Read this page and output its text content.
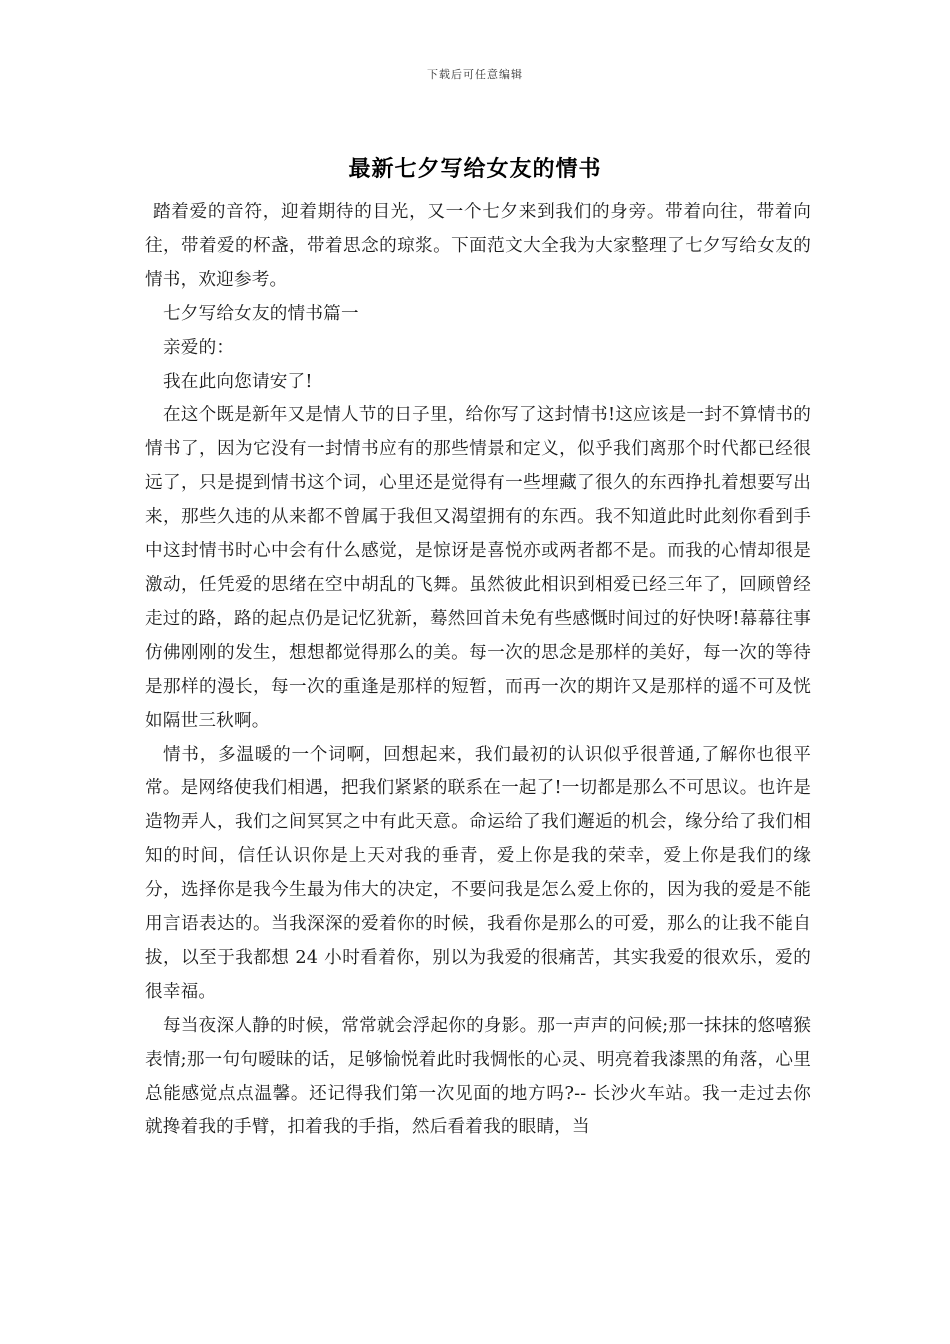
下载后可任意编辑
最新七夕写给女友的情书

踏着爱的音符，迎着期待的目光，又一个七夕来到我们的身旁。带着向往，带着向往，带着爱的杯盏，带着思念的琼浆。下面范文大全我为大家整理了七夕写给女友的情书，欢迎参考。

七夕写给女友的情书篇一

亲爱的：

我在此向您请安了!

在这个既是新年又是情人节的日子里，给你写了这封情书!这应该是一封不算情书的情书了，因为它没有一封情书应有的那些情景和定义，似乎我们离那个时代都已经很远了，只是提到情书这个词，心里还是觉得有一些埋藏了很久的东西挣扎着想要写出来，那些久违的从来都不曾属于我但又渴望拥有的东西。我不知道此时此刻你看到手中这封情书时心中会有什么感觉，是惊讶是喜悦亦或两者都不是。而我的心情却很是激动，任凭爱的思绪在空中胡乱的飞舞。虽然彼此相识到相爱已经三年了，回顾曾经走过的路，路的起点仍是记忆犹新，蓦然回首未免有些感慨时间过的好快呀!幕幕往事仿佛刚刚的发生，想想都觉得那么的美。每一次的思念是那样的美好，每一次的等待是那样的漫长，每一次的重逢是那样的短暂，而再一次的期许又是那样的遥不可及恍如隔世三秋啊。

情书，多温暖的一个词啊，回想起来，我们最初的认识似乎很普通,了解你也很平常。是网络使我们相遇，把我们紧紧的联系在一起了!一切都是那么不可思议。也许是造物弄人，我们之间冥冥之中有此天意。命运给了我们邂逅的机会，缘分给了我们相知的时间，信任认识你是上天对我的垂青，爱上你是我的荣幸，爱上你是我们的缘分，选择你是我今生最为伟大的决定，不要问我是怎么爱上你的，因为我的爱是不能用言语表达的。当我深深的爱着你的时候，我看你是那么的可爱，那么的让我不能自拔，以至于我都想 24 小时看着你，别以为我爱的很痛苦，其实我爱的很欢乐，爱的很幸福。

每当夜深人静的时候，常常就会浮起你的身影。那一声声的问候;那一抹抹的悠嘻猴表情;那一句句暧昧的话，足够愉悦着此时我惆怅的心灵、明亮着我漆黑的角落，心里总能感觉点点温馨。还记得我们第一次见面的地方吗?-- 长沙火车站。我一走过去你就搀着我的手臂，扣着我的手指，然后看着我的眼睛，当
